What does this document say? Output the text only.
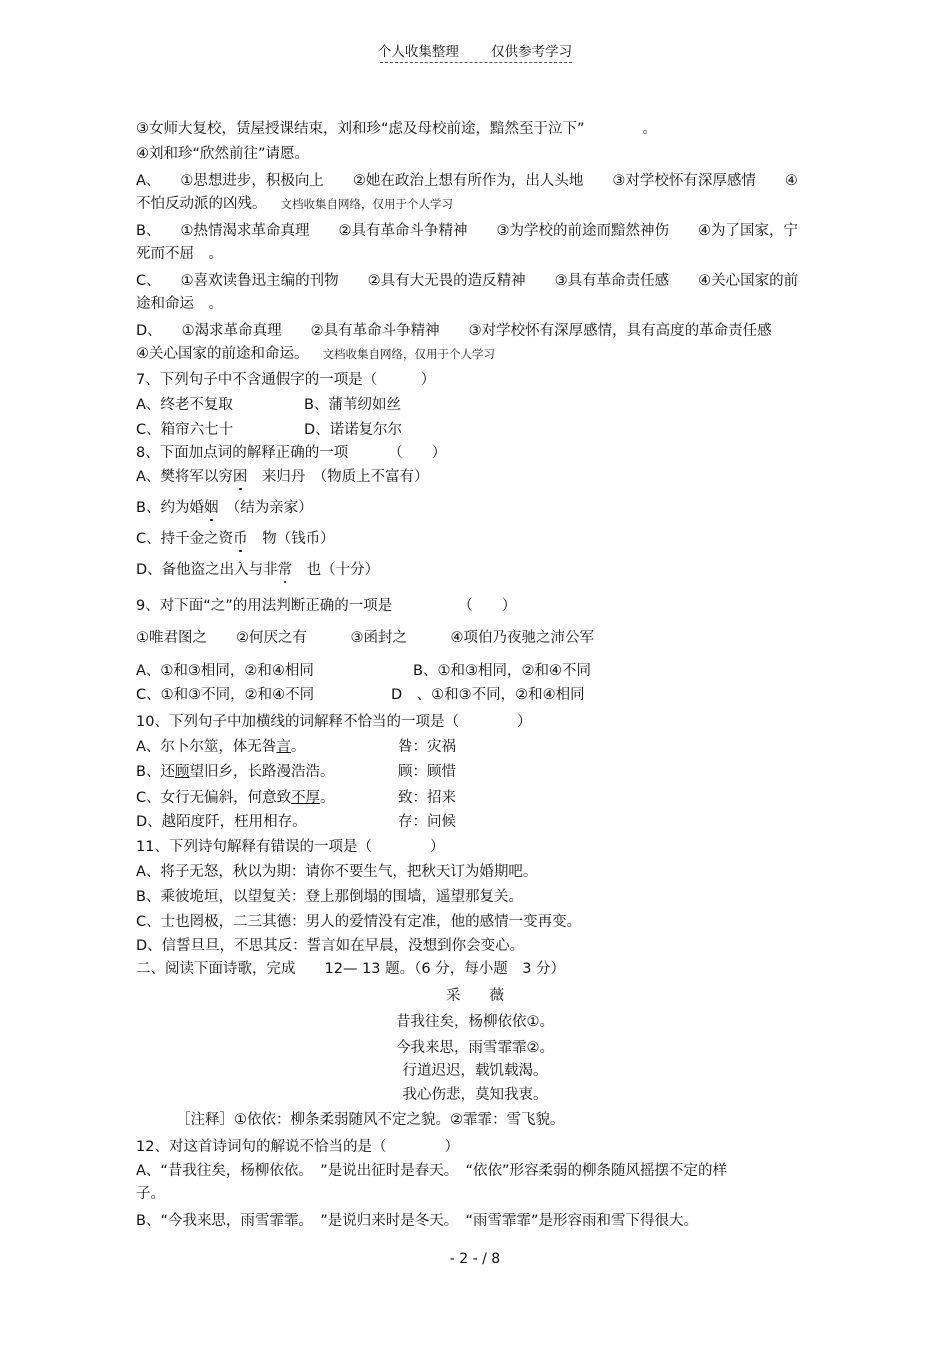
个人收集整理 仅供参考学习
③女师大复校，赁屋授课结束，刘和珍“虑及母校前途，黯然至于泣下”	。
④刘和珍“欣然前往”请愿。
A、 ①思想进步，积极向上　　②她在政治上想有所作为，出人头地　　③对学校怀有深厚感情　　④
不怕反动派的凶残。 文档收集自网络，仅用于个人学习
B、 ①热情渴求革命真理　　②具有革命斗争精神　　③为学校的前途而黯然神伤　　④为了国家，宁
死而不屈　。
C、 ①喜欢读鲁迅主编的刊物　　②具有大无畏的造反精神　　③具有革命责任感　　④关心国家的前
途和命运　。
D、 ①渴求革命真理　　②具有革命斗争精神　　③对学校怀有深厚感情，具有高度的革命责任感
④关心国家的前途和命运。 文档收集自网络，仅用于个人学习
7、下列句子中不含通假字的一项是（　　　）
A、终老不复取	B、蒲苇纫如丝
C、箱帘六七十	D、诺诺复尔尔
8、下面加点词的解释正确的一项	（　　）
A、樊将军以穷困　来归丹　（物质上不富有）
B、约为婚姻　（结为亲家）
C、持千金之资币　物（钱币）
D、备他盗之出入与非常　也（十分）
9、对下面“之”的用法判断正确的一项是	（　　）
①唯君图之　　②何厌之有　　　③函封之　　　④项伯乃夜驰之沛公军
A、①和③相同，②和④相同	B、①和③相同，②和④不同
C、①和③不同，②和④不同	D　、①和③不同，②和④相同
10、下列句子中加横线的词解释不恰当的一项是（　　　　）
A、尔卜尔筮，体无咎言。	咎：灾祸
B、还顾望旧乡，长路漫浩浩。	顾：顾惜
C、女行无偏斜，何意致不厚。	致：招来
D、越陌度阡，枉用相存。	存：问候
11、下列诗句解释有错误的一项是（　　　　）
A、将子无怒，秋以为期：请你不要生气，把秋天订为婚期吧。
B、乘彼垝垣，以望复关：登上那倒塌的围墙，遥望那复关。
C、士也罔极，二三其德：男人的爱情没有定准，他的感情一变再变。
D、信誓旦旦，不思其反：誓言如在早晨，没想到你会变心。
二、阅读下面诗歌，完成　　12— 13 题。（6 分，每小题　3 分）
采　　薇
昔我往矣，杨柳依依①。
今我来思，雨雪霏霏②。
行道迟迟，载饥载渴。
我心伤悲，莫知我衷。
［注释］①依依：柳条柔弱随风不定之貌。②霏霏：雪飞貌。
12、对这首诗词句的解说不恰当的是（　　　　）
A、“昔我往矣，杨柳依依。　”是说出征时是春天。　“依依”形容柔弱的柳条随风摇摆不定的样
子。
B、“今我来思，雨雪霏霏。　”是说归来时是冬天。　“雨雪霏霏”是形容雨和雪下得很大。
- 2 - / 8
